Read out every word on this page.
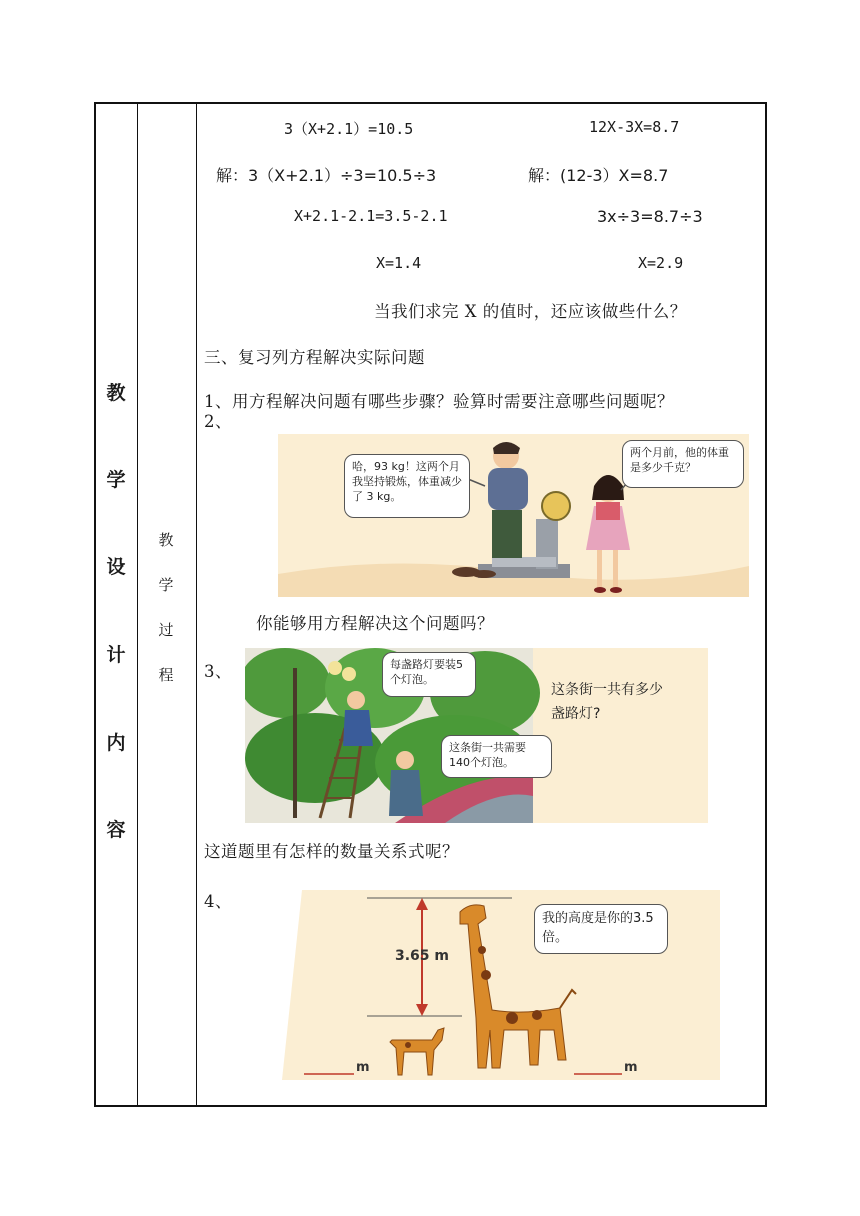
教
学
设
计
内
容
教
学
过
程
3（X+2.1）=10.5	12X-3X=8.7
解：3（X+2.1）÷3=10.5÷3	解：(12-3）X=8.7
X+2.1-2.1=3.5-2.1	3x÷3=8.7÷3
X=1.4	X=2.9
当我们求完 X 的值时，还应该做些什么？
三、复习列方程解决实际问题
1、用方程解决问题有哪些步骤？验算时需要注意哪些问题呢？
2、
哈，93 kg！这两个月我坚持锻炼，体重减少了 3 kg。
两个月前，他的体重是多少千克？
你能够用方程解决这个问题吗？
3、	每盏路灯要装5个灯泡。
这条街一共需要140个灯泡。
这条街一共有多少盏路灯?
这道题里有怎样的数量关系式呢？
4、
3.65 m
我的高度是你的3.5倍。
m	m
